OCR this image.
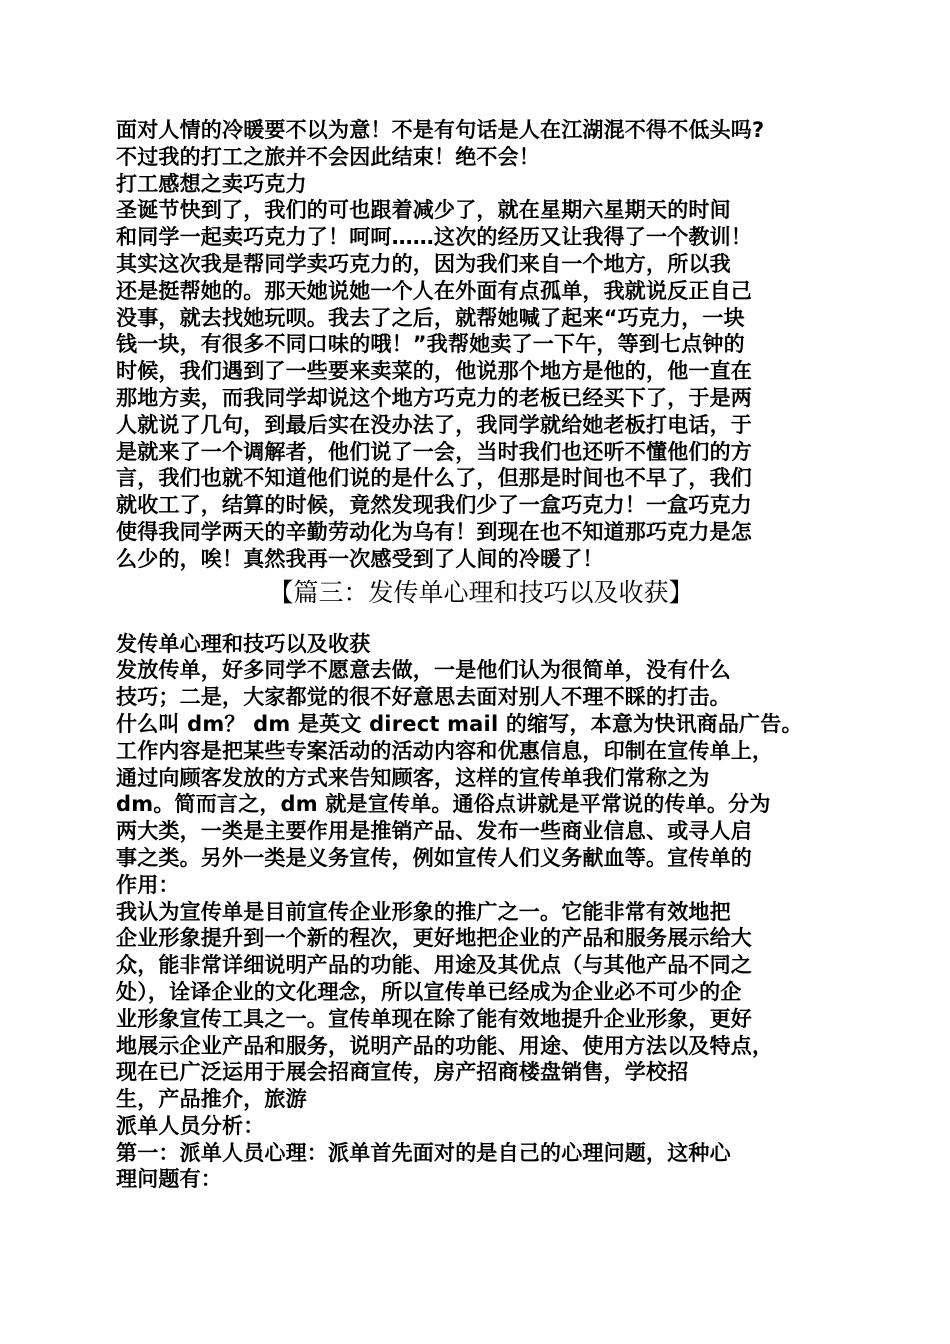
面对人情的冷暖要不以为意！不是有句话是人在江湖混不得不低头吗?
不过我的打工之旅并不会因此结束！绝不会！
打工感想之卖巧克力
圣诞节快到了，我们的可也跟着减少了，就在星期六星期天的时间
和同学一起卖巧克力了！呵呵……这次的经历又让我得了一个教训！
其实这次我是帮同学卖巧克力的，因为我们来自一个地方，所以我
还是挺帮她的。那天她说她一个人在外面有点孤单，我就说反正自己
没事，就去找她玩呗。我去了之后，就帮她喊了起来“巧克力，一块
钱一块，有很多不同口味的哦！”我帮她卖了一下午，等到七点钟的
时候，我们遇到了一些要来卖菜的，他说那个地方是他的，他一直在
那地方卖，而我同学却说这个地方巧克力的老板已经买下了，于是两
人就说了几句，到最后实在没办法了，我同学就给她老板打电话，于
是就来了一个调解者，他们说了一会，当时我们也还听不懂他们的方
言，我们也就不知道他们说的是什么了，但那是时间也不早了，我们
就收工了，结算的时候，竟然发现我们少了一盒巧克力！一盒巧克力
使得我同学两天的辛勤劳动化为乌有！到现在也不知道那巧克力是怎
么少的，唉！真然我再一次感受到了人间的冷暖了！
【篇三：发传单心理和技巧以及收获】
发传单心理和技巧以及收获
发放传单，好多同学不愿意去做，一是他们认为很简单，没有什么
技巧；二是，大家都觉的很不好意思去面对别人不理不睬的打击。
什么叫 dm？ dm 是英文 direct mail 的缩写，本意为快讯商品广告。
工作内容是把某些专案活动的活动内容和优惠信息，印制在宣传单上，
通过向顾客发放的方式来告知顾客，这样的宣传单我们常称之为
dm。简而言之，dm 就是宣传单。通俗点讲就是平常说的传单。分为
两大类，一类是主要作用是推销产品、发布一些商业信息、或寻人启
事之类。另外一类是义务宣传，例如宣传人们义务献血等。宣传单的
作用：
我认为宣传单是目前宣传企业形象的推广之一。它能非常有效地把
企业形象提升到一个新的程次，更好地把企业的产品和服务展示给大
众，能非常详细说明产品的功能、用途及其优点（与其他产品不同之
处），诠译企业的文化理念，所以宣传单已经成为企业必不可少的企
业形象宣传工具之一。宣传单现在除了能有效地提升企业形象，更好
地展示企业产品和服务，说明产品的功能、用途、使用方法以及特点，
现在已广泛运用于展会招商宣传，房产招商楼盘销售，学校招
生，产品推介，旅游
派单人员分析：
第一：派单人员心理：派单首先面对的是自己的心理问题，这种心
理问题有：
